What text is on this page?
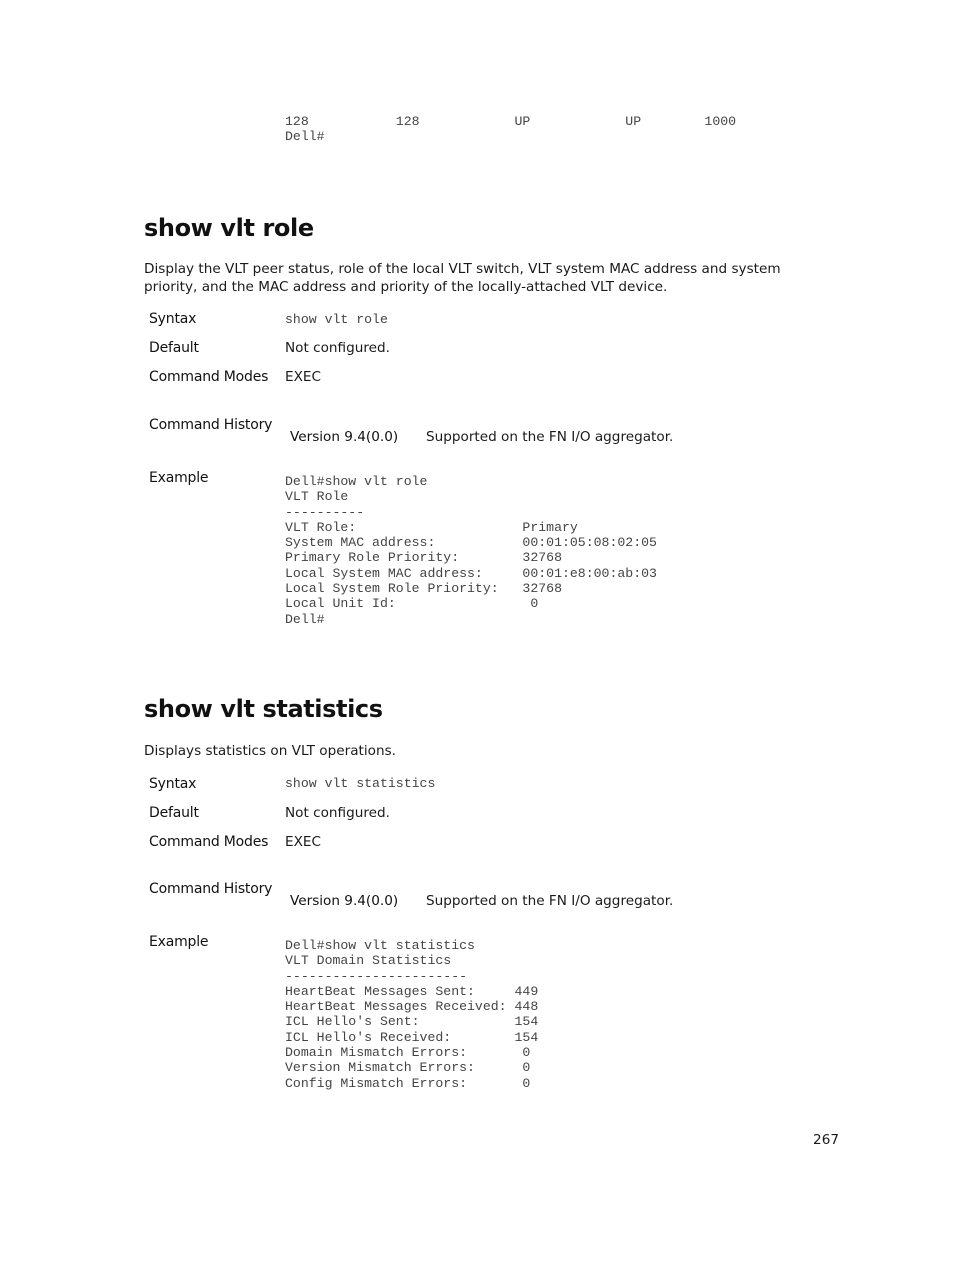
128           128            UP            UP        1000
Dell#
show vlt role

Display the VLT peer status, role of the local VLT switch, VLT system MAC address and system priority, and the MAC address and priority of the locally-attached VLT device.

Syntax	show vlt role
Default	Not configured.
Command Modes	EXEC
Command History
Version 9.4(0.0) Supported on the FN I/O aggregator.
Example	Dell#show vlt role
VLT Role
----------
VLT Role:                     Primary
System MAC address:           00:01:05:08:02:05
Primary Role Priority:        32768
Local System MAC address:     00:01:e8:00:ab:03
Local System Role Priority:   32768
Local Unit Id:                 0
Dell#
show vlt statistics

Displays statistics on VLT operations.

Syntax	show vlt statistics
Default	Not configured.
Command Modes	EXEC
Command History
Version 9.4(0.0) Supported on the FN I/O aggregator.
Example	Dell#show vlt statistics
VLT Domain Statistics
-----------------------
HeartBeat Messages Sent:     449
HeartBeat Messages Received: 448
ICL Hello's Sent:            154
ICL Hello's Received:        154
Domain Mismatch Errors:       0
Version Mismatch Errors:      0
Config Mismatch Errors:       0
267
